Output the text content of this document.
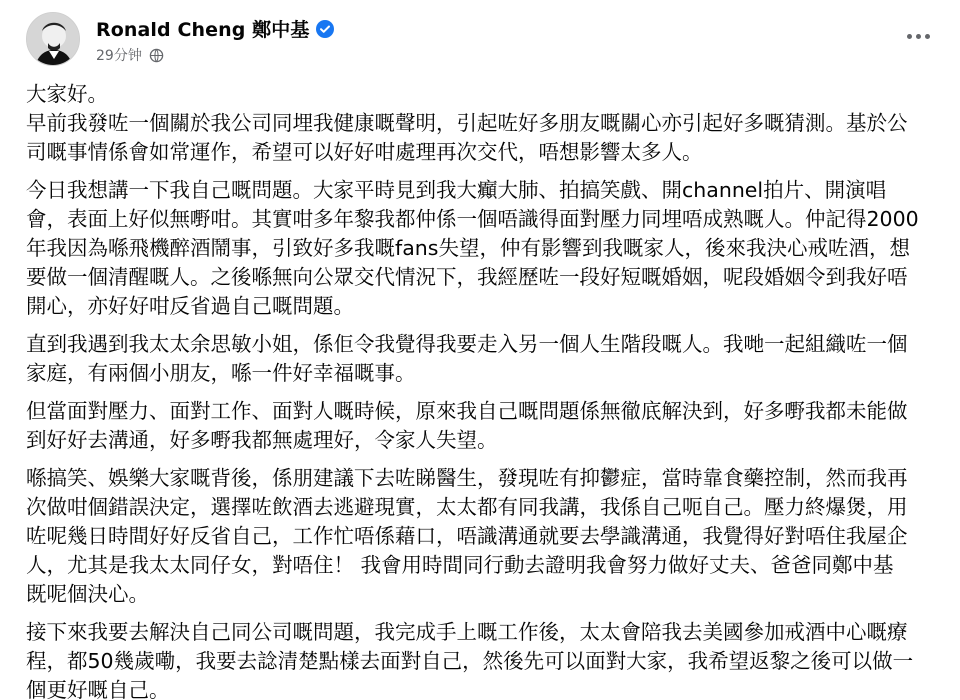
Ronald Cheng 鄭中基
29分钟
大家好。
早前我發咗一個關於我公司同埋我健康嘅聲明，引起咗好多朋友嘅關心亦引起好多嘅猜測。基於公
司嘅事情係會如常運作，希望可以好好咁處理再次交代，唔想影響太多人。
今日我想講一下我自己嘅問題。大家平時見到我大癲大肺、拍搞笑戲、開channel拍片、開演唱
會，表面上好似無嘢咁。其實咁多年黎我都仲係一個唔識得面對壓力同埋唔成熟嘅人。仲記得2000
年我因為喺飛機醉酒鬧事，引致好多我嘅fans失望，仲有影響到我嘅家人，後來我決心戒咗酒，想
要做一個清醒嘅人。之後喺無向公眾交代情況下，我經歷咗一段好短嘅婚姻，呢段婚姻令到我好唔
開心，亦好好咁反省過自己嘅問題。
直到我遇到我太太余思敏小姐，係佢令我覺得我要走入另一個人生階段嘅人。我哋一起組織咗一個
家庭，有兩個小朋友，喺一件好幸福嘅事。
但當面對壓力、面對工作、面對人嘅時候，原來我自己嘅問題係無徹底解決到，好多嘢我都未能做
到好好去溝通，好多嘢我都無處理好，令家人失望。
喺搞笑、娛樂大家嘅背後，係朋建議下去咗睇醫生，發現咗有抑鬱症，當時靠食藥控制，然而我再
次做咁個錯誤決定，選擇咗飲酒去逃避現實，太太都有同我講，我係自己呃自己。壓力終爆煲，用
咗呢幾日時間好好反省自己，工作忙唔係藉口，唔識溝通就要去學識溝通，我覺得好對唔住我屋企
人，尤其是我太太同仔女，對唔住！ 我會用時間同行動去證明我會努力做好丈夫、爸爸同鄭中基
既呢個決心。
接下來我要去解決自己同公司嘅問題，我完成手上嘅工作後，太太會陪我去美國參加戒酒中心嘅療
程，都50幾歲嘞，我要去諗清楚點樣去面對自己，然後先可以面對大家，我希望返黎之後可以做一
個更好嘅自己。
